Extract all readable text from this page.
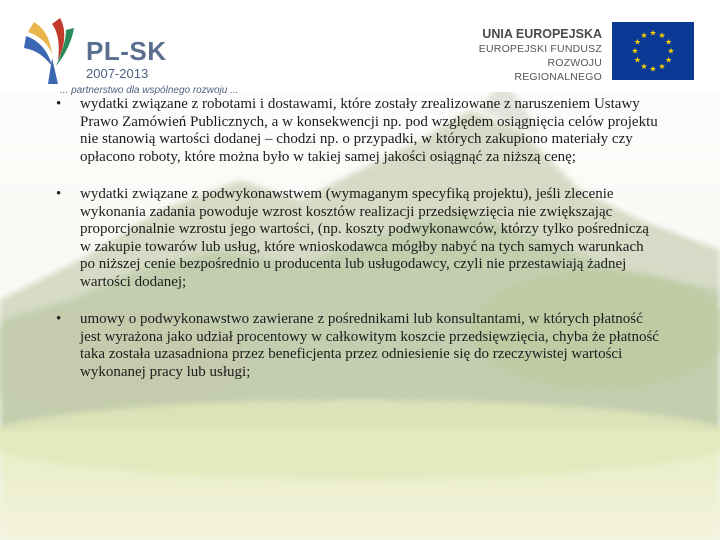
PL-SK
2007-2013
... partnerstwo dla wspólnego rozwoju ...
UNIA EUROPEJSKA
EUROPEJSKI FUNDUSZ
ROZWOJU REGIONALNEGO
★ ★
★
★
★
★
★
★
★
★
★
★
• wydatki związane z robotami i dostawami, które zostały zrealizowane z naruszeniem Ustawy Prawo Zamówień Publicznych, a w konsekwencji np. pod względem osiągnięcia celów projektu nie stanowią wartości dodanej – chodzi np. o przypadki, w których zakupiono materiały czy opłacono roboty, które można było w takiej samej jakości osiągnąć za niższą cenę;
• wydatki związane z podwykonawstwem (wymaganym specyfiką projektu), jeśli zlecenie wykonania zadania powoduje wzrost kosztów realizacji przedsięwzięcia nie zwiększając proporcjonalnie wzrostu jego wartości, (np. koszty podwykonawców, którzy tylko pośredniczą w zakupie towarów lub usług, które wnioskodawca mógłby nabyć na tych samych warunkach po niższej cenie bezpośrednio u producenta lub usługodawcy, czyli nie przestawiają żadnej wartości dodanej;
• umowy o podwykonawstwo zawierane z pośrednikami lub konsultantami, w których płatność jest wyrażona jako udział procentowy w całkowitym koszcie przedsięwzięcia, chyba że płatność taka została uzasadniona przez beneficjenta przez odniesienie się do rzeczywistej wartości wykonanej pracy lub usługi;
